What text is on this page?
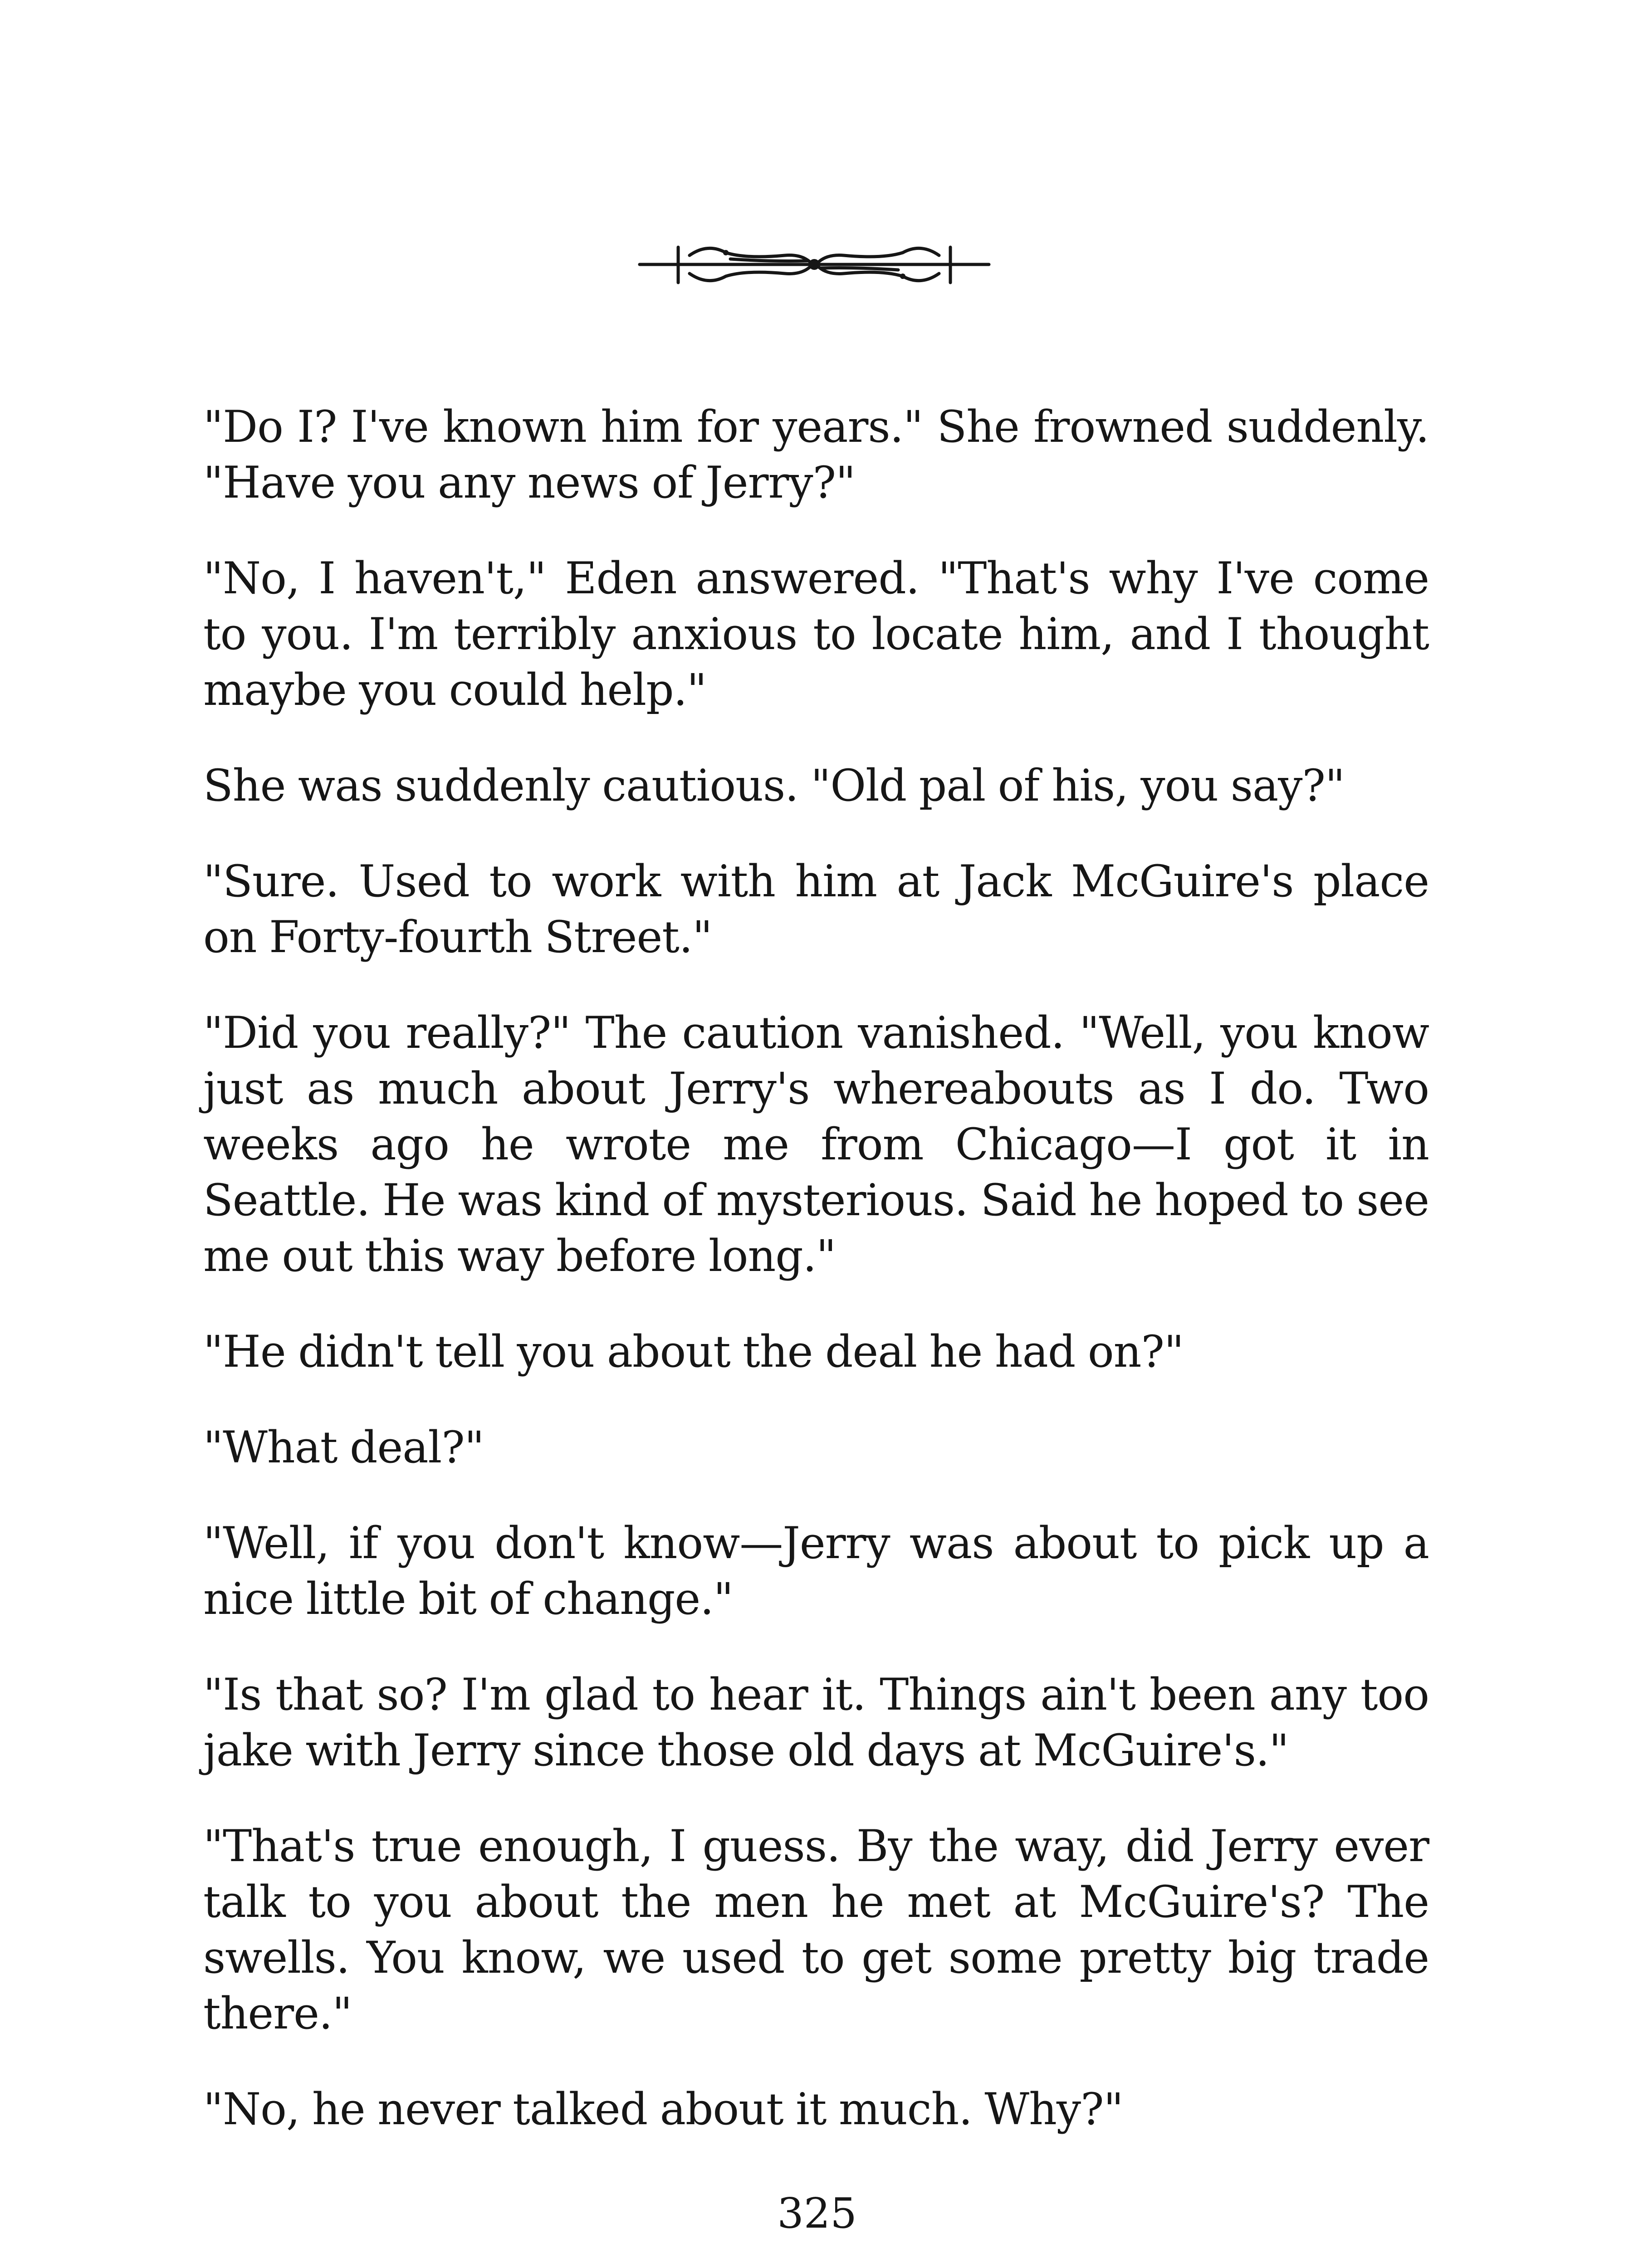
"Do I? I've known him for years." She frowned suddenly. "Have you any news of Jerry?"

"No, I haven't," Eden answered. "That's why I've come to you. I'm terribly anxious to locate him, and I thought maybe you could help."

She was suddenly cautious. "Old pal of his, you say?"

"Sure. Used to work with him at Jack McGuire's place on Forty-fourth Street."

"Did you really?" The caution vanished. "Well, you know just as much about Jerry's whereabouts as I do. Two weeks ago he wrote me from Chicago—I got it in Seattle. He was kind of mysterious. Said he hoped to see me out this way before long."

"He didn't tell you about the deal he had on?"

"What deal?"

"Well, if you don't know—Jerry was about to pick up a nice little bit of change."

"Is that so? I'm glad to hear it. Things ain't been any too jake with Jerry since those old days at McGuire's."

"That's true enough, I guess. By the way, did Jerry ever talk to you about the men he met at McGuire's? The swells. You know, we used to get some pretty big trade there."

"No, he never talked about it much. Why?"

325
